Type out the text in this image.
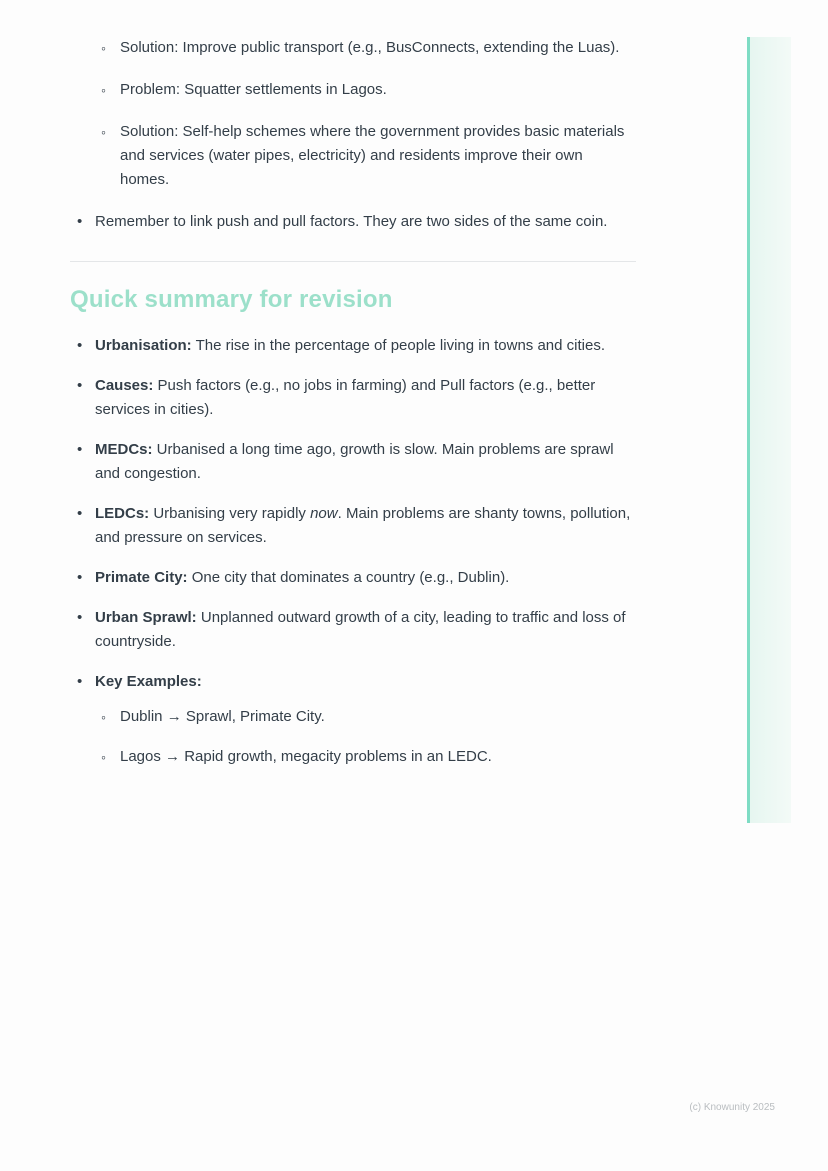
◦ Solution: Improve public transport (e.g., BusConnects, extending the Luas).
◦ Problem: Squatter settlements in Lagos.
◦ Solution: Self-help schemes where the government provides basic materials and services (water pipes, electricity) and residents improve their own homes.
• Remember to link push and pull factors. They are two sides of the same coin.
Quick summary for revision
• Urbanisation: The rise in the percentage of people living in towns and cities.
• Causes: Push factors (e.g., no jobs in farming) and Pull factors (e.g., better services in cities).
• MEDCs: Urbanised a long time ago, growth is slow. Main problems are sprawl and congestion.
• LEDCs: Urbanising very rapidly now. Main problems are shanty towns, pollution, and pressure on services.
• Primate City: One city that dominates a country (e.g., Dublin).
• Urban Sprawl: Unplanned outward growth of a city, leading to traffic and loss of countryside.
• Key Examples:
◦ Dublin → Sprawl, Primate City.
◦ Lagos → Rapid growth, megacity problems in an LEDC.
(c) Knowunity 2025
